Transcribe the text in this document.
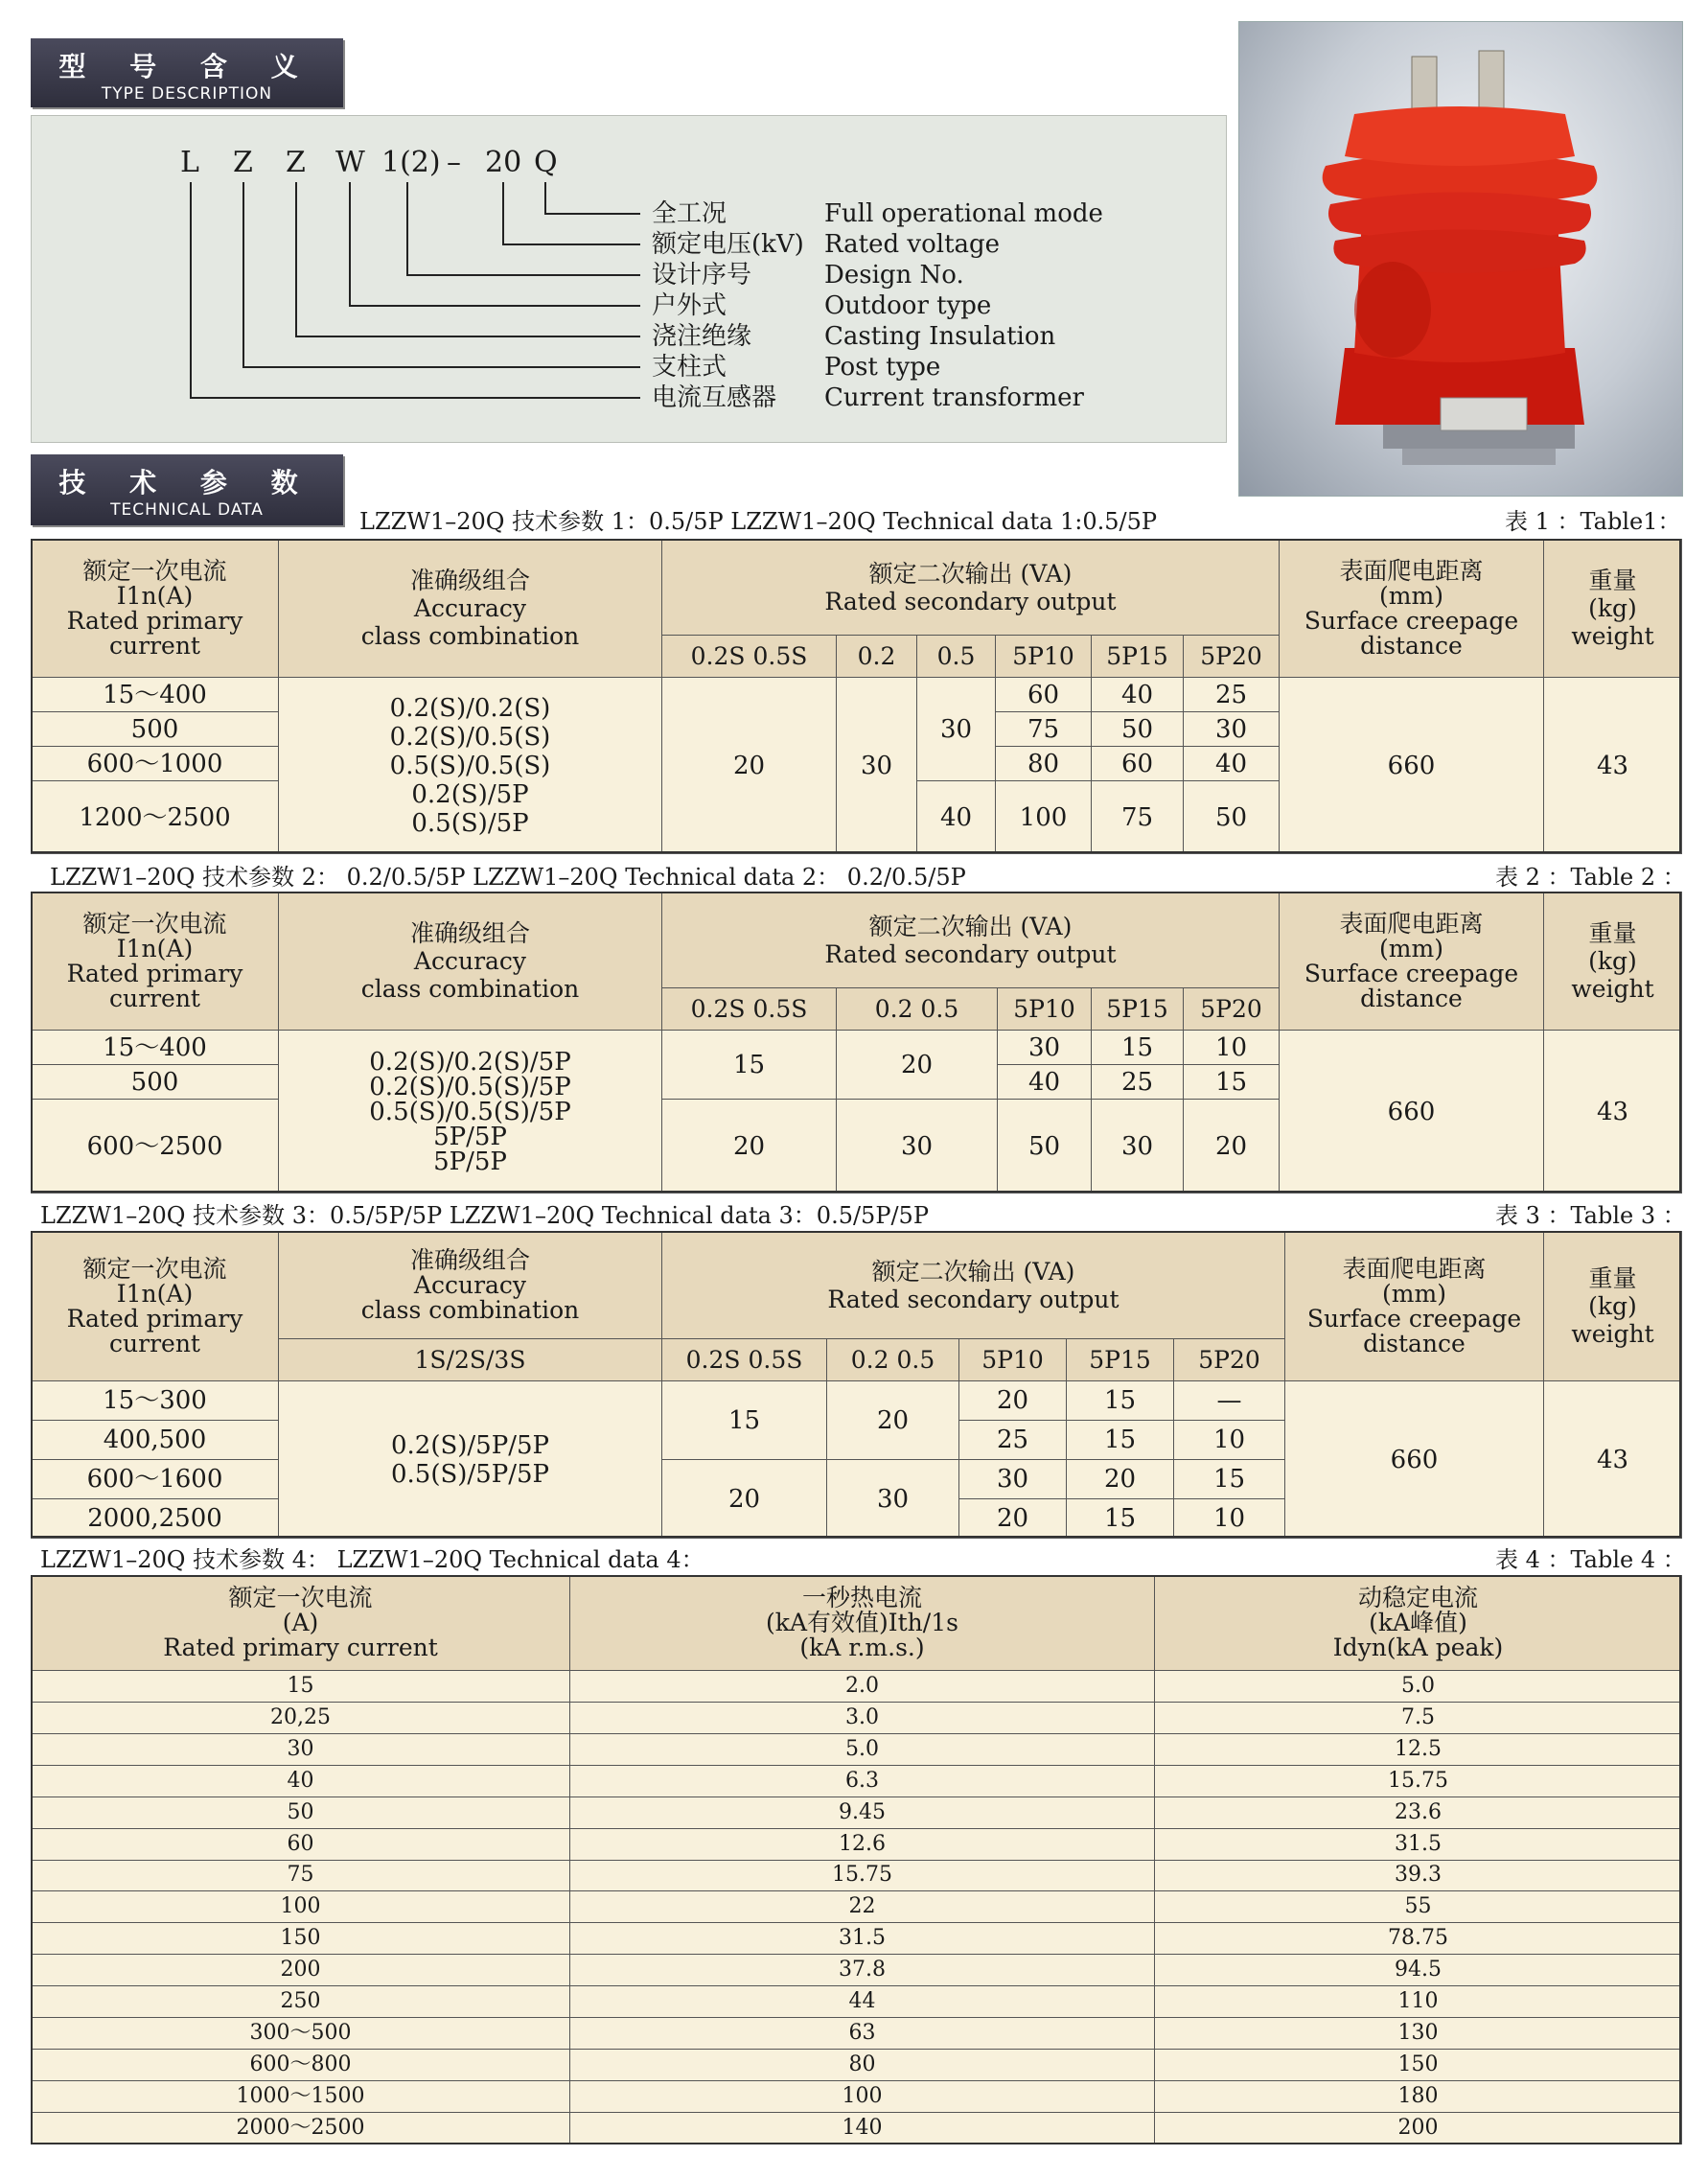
型 号 含 义
TYPE DESCRIPTION
L Z Z W 1(2) – 20 Q
全工况	Full operational mode
额定电压(kV) Rated voltage
设计序号	Design No.
户外式	Outdoor type
浇注绝缘	Casting Insulation
支柱式	Post type
电流互感器	Current transformer
技 术 参 数
TECHNICAL DATA	LZZW1–20Q 技术参数 1：0.5/5P LZZW1–20Q Technical data 1:0.5/5P	表 1 ：Table1：
额定一次电流
I1n(A)
Rated primary
current	准确级组合
Accuracy
class combination	额定二次输出 (VA)
Rated secondary output						表面爬电距离
(mm)
Surface creepage
distance	重量
(kg)
weight
		0.2S 0.5S	0.2	0.5	5P10	5P15	5P20		
15～400	0.2(S)/0.2(S)
0.2(S)/0.5(S)
0.5(S)/0.5(S)
0.2(S)/5P
0.5(S)/5P	20	30	30	60	40	25	660	43
500					75	50	30		
600～1000					80	60	40		
1200～2500				40	100	75	50		
LZZW1–20Q 技术参数 2： 0.2/0.5/5P LZZW1–20Q Technical data 2： 0.2/0.5/5P	表 2 ：Table 2 ：
额定一次电流
I1n(A)
Rated primary
current	准确级组合
Accuracy
class combination	额定二次输出 (VA)
Rated secondary output					表面爬电距离
(mm)
Surface creepage
distance	重量
(kg)
weight
		0.2S 0.5S	0.2 0.5	5P10	5P15	5P20		
15～400	0.2(S)/0.2(S)/5P
0.2(S)/0.5(S)/5P
0.5(S)/0.5(S)/5P
5P/5P
5P/5P	15	20	30	15	10	660	43
500				40	25	15		
600～2500		20	30	50	30	20		
LZZW1–20Q 技术参数 3：0.5/5P/5P LZZW1–20Q Technical data 3：0.5/5P/5P	表 3 ：Table 3 ：
额定一次电流
I1n(A)
Rated primary
current	准确级组合
Accuracy
class combination	额定二次输出 (VA)
Rated secondary output					表面爬电距离
(mm)
Surface creepage
distance	重量
(kg)
weight
	1S/2S/3S	0.2S 0.5S	0.2 0.5	5P10	5P15	5P20		
15～300	0.2(S)/5P/5P
0.5(S)/5P/5P	15	20	20	15	—	660	43
400,500				25	15	10		
600～1600		20	30	30	20	15		
2000,2500				20	15	10		
LZZW1–20Q 技术参数 4： LZZW1–20Q Technical data 4：	表 4 ：Table 4 ：
额定一次电流
(A)
Rated primary current	一秒热电流
(kA有效值)Ith/1s
(kA r.m.s.)	动稳定电流
(kA峰值)
Idyn(kA peak)
15	2.0	5.0
20,25	3.0	7.5
30	5.0	12.5
40	6.3	15.75
50	9.45	23.6
60	12.6	31.5
75	15.75	39.3
100	22	55
150	31.5	78.75
200	37.8	94.5
250	44	110
300～500	63	130
600～800	80	150
1000～1500	100	180
2000～2500	140	200
